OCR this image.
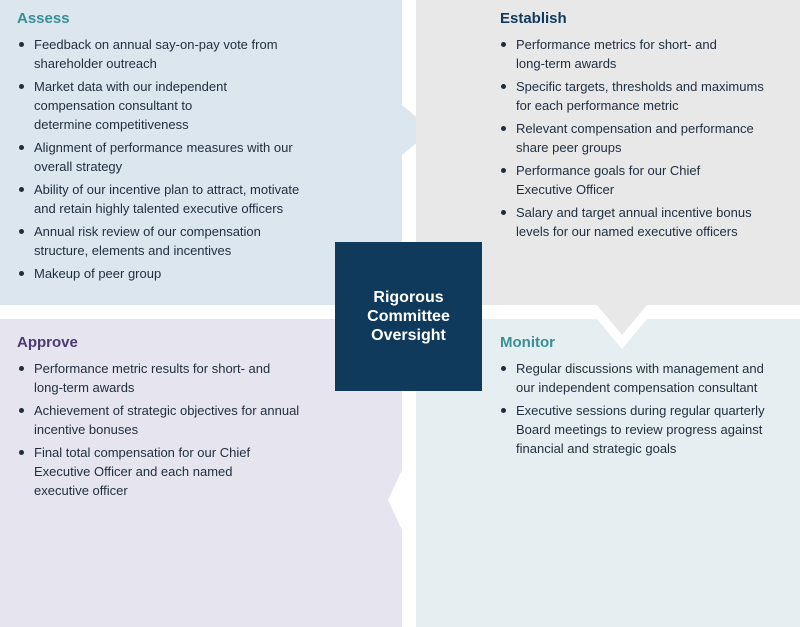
Assess
Feedback on annual say-on-pay vote from
shareholder outreach
Market data with our independent
compensation consultant to
determine competitiveness
Alignment of performance measures with our
overall strategy
Ability of our incentive plan to attract, motivate
and retain highly talented executive officers
Annual risk review of our compensation
structure, elements and incentives
Makeup of peer group
Establish
Performance metrics for short- and
long-term awards
Specific targets, thresholds and maximums
for each performance metric
Relevant compensation and performance
share peer groups
Performance goals for our Chief
Executive Officer
Salary and target annual incentive bonus
levels for our named executive officers
Approve
Performance metric results for short- and
long-term awards
Achievement of strategic objectives for annual
incentive bonuses
Final total compensation for our Chief
Executive Officer and each named
executive officer
Monitor
Regular discussions with management and
our independent compensation consultant
Executive sessions during regular quarterly
Board meetings to review progress against
financial and strategic goals
Rigorous
Committee
Oversight
